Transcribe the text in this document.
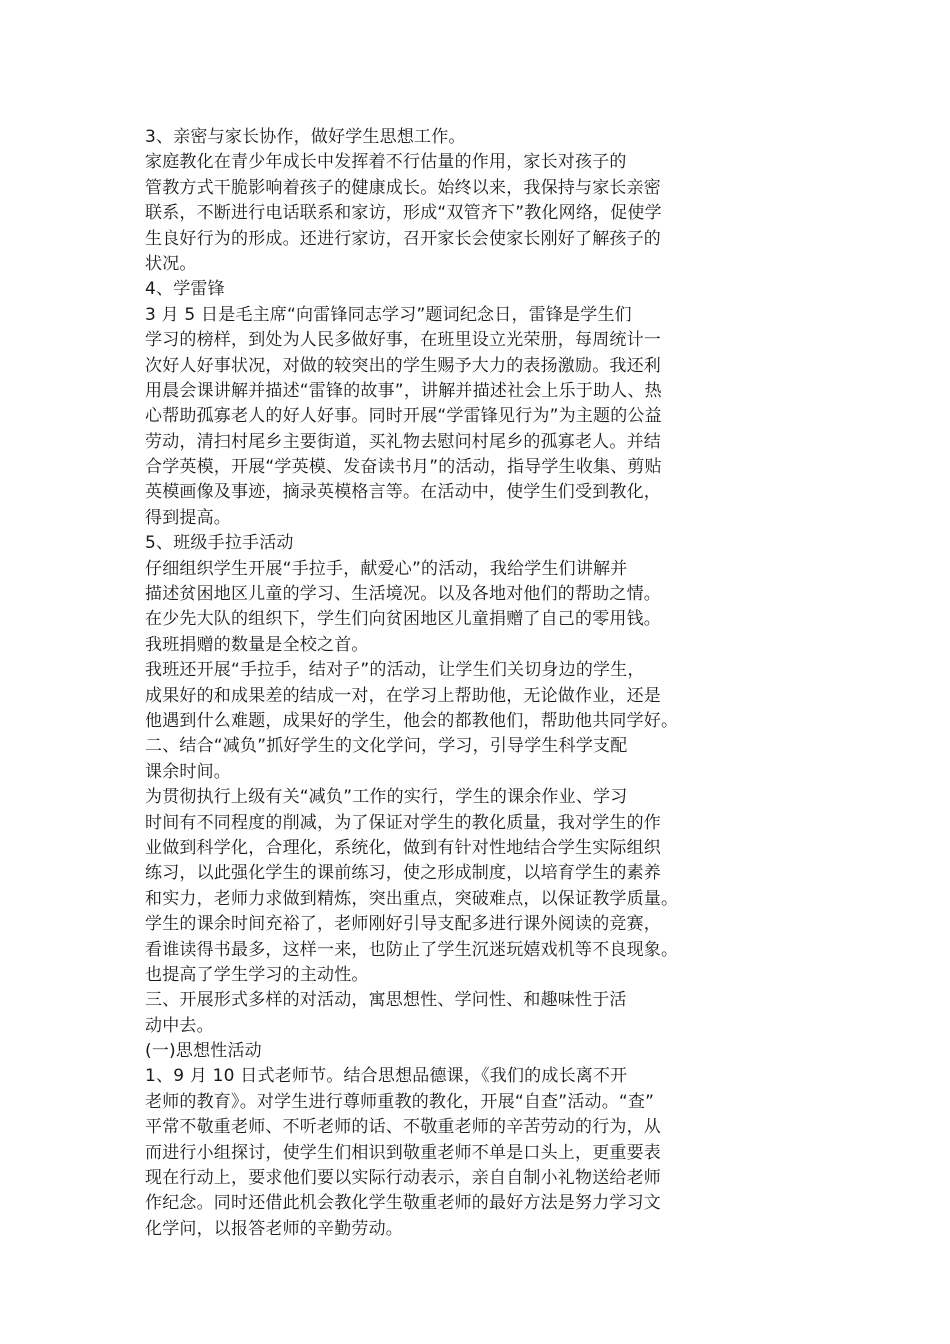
3、亲密与家长协作，做好学生思想工作。
家庭教化在青少年成长中发挥着不行估量的作用，家长对孩子的
管教方式干脆影响着孩子的健康成长。始终以来，我保持与家长亲密
联系，不断进行电话联系和家访，形成“双管齐下”教化网络，促使学
生良好行为的形成。还进行家访，召开家长会使家长刚好了解孩子的
状况。
4、学雷锋
3 月 5 日是毛主席“向雷锋同志学习”题词纪念日，雷锋是学生们
学习的榜样，到处为人民多做好事，在班里设立光荣册，每周统计一
次好人好事状况，对做的较突出的学生赐予大力的表扬激励。我还利
用晨会课讲解并描述“雷锋的故事”，讲解并描述社会上乐于助人、热
心帮助孤寡老人的好人好事。同时开展“学雷锋见行为”为主题的公益
劳动，清扫村尾乡主要街道，买礼物去慰问村尾乡的孤寡老人。并结
合学英模，开展“学英模、发奋读书月”的活动，指导学生收集、剪贴
英模画像及事迹，摘录英模格言等。在活动中，使学生们受到教化，
得到提高。
5、班级手拉手活动
仔细组织学生开展“手拉手，献爱心”的活动，我给学生们讲解并
描述贫困地区儿童的学习、生活境况。以及各地对他们的帮助之情。
在少先大队的组织下，学生们向贫困地区儿童捐赠了自己的零用钱。
我班捐赠的数量是全校之首。
我班还开展“手拉手，结对子”的活动，让学生们关切身边的学生，
成果好的和成果差的结成一对，在学习上帮助他，无论做作业，还是
他遇到什么难题，成果好的学生，他会的都教他们，帮助他共同学好。
二、结合“减负”抓好学生的文化学问，学习，引导学生科学支配
课余时间。
为贯彻执行上级有关“减负”工作的实行，学生的课余作业、学习
时间有不同程度的削减，为了保证对学生的教化质量，我对学生的作
业做到科学化，合理化，系统化，做到有针对性地结合学生实际组织
练习，以此强化学生的课前练习，使之形成制度，以培育学生的素养
和实力，老师力求做到精炼，突出重点，突破难点，以保证教学质量。
学生的课余时间充裕了，老师刚好引导支配多进行课外阅读的竞赛，
看谁读得书最多，这样一来，也防止了学生沉迷玩嬉戏机等不良现象。
也提高了学生学习的主动性。
三、开展形式多样的对活动，寓思想性、学问性、和趣味性于活
动中去。
(一)思想性活动
1、9 月 10 日式老师节。结合思想品德课，《我们的成长离不开
老师的教育》。对学生进行尊师重教的教化，开展“自查”活动。“查”
平常不敬重老师、不听老师的话、不敬重老师的辛苦劳动的行为，从
而进行小组探讨，使学生们相识到敬重老师不单是口头上，更重要表
现在行动上，要求他们要以实际行动表示，亲自自制小礼物送给老师
作纪念。同时还借此机会教化学生敬重老师的最好方法是努力学习文
化学问，以报答老师的辛勤劳动。
